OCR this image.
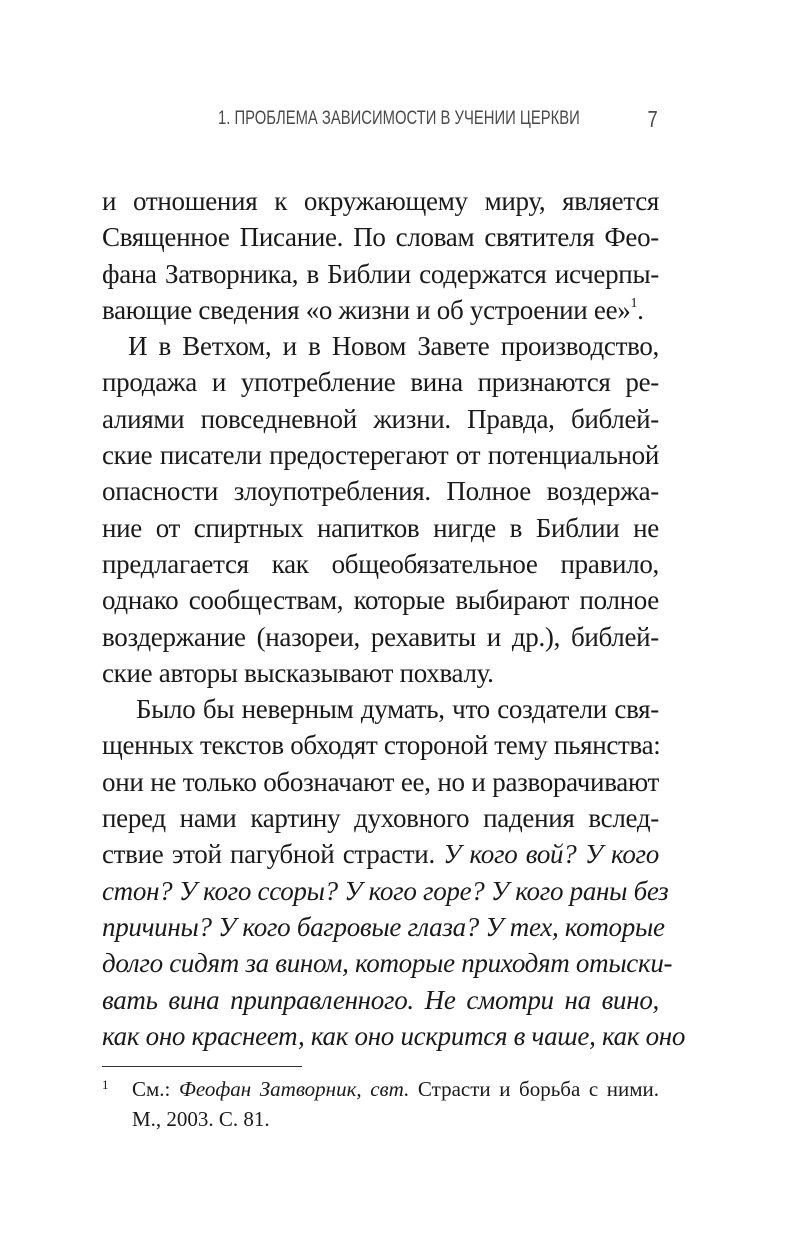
1. ПРОБЛЕМА ЗАВИСИМОСТИ В УЧЕНИИ ЦЕРКВИ	7
и отношения к окружающему миру, является
Священное Писание. По словам святителя Фео-
фана Затворника, в Библии содержатся исчерпы-
вающие сведения «о жизни и об устроении ее»$^1$.
И в Ветхом, и в Новом Завете производство,
продажа и употребление вина признаются ре-
алиями повседневной жизни. Правда, библей-
ские писатели предостерегают от потенциальной
опасности злоупотребления. Полное воздержа-
ние от спиртных напитков нигде в Библии не
предлагается как общеобязательное правило,
однако сообществам, которые выбирают полное
воздержание (назореи, рехавиты и др.), библей-
ские авторы высказывают похвалу.
Было бы неверным думать, что создатели свя-
щенных текстов обходят стороной тему пьянства:
они не только обозначают ее, но и разворачивают
перед нами картину духовного падения вслед-
ствие этой пагубной страсти. У кого вой? У кого
стон? У кого ссоры? У кого горе? У кого раны без
причины? У кого багровые глаза? У тех, которые
долго сидят за вином, которые приходят отыски-
вать вина приправленного. Не смотри на вино,
как оно краснеет, как оно искрится в чаше, как оно
1	См.: Феофан Затворник, свт. Страсти и борьба с ними.
М., 2003. С. 81.
